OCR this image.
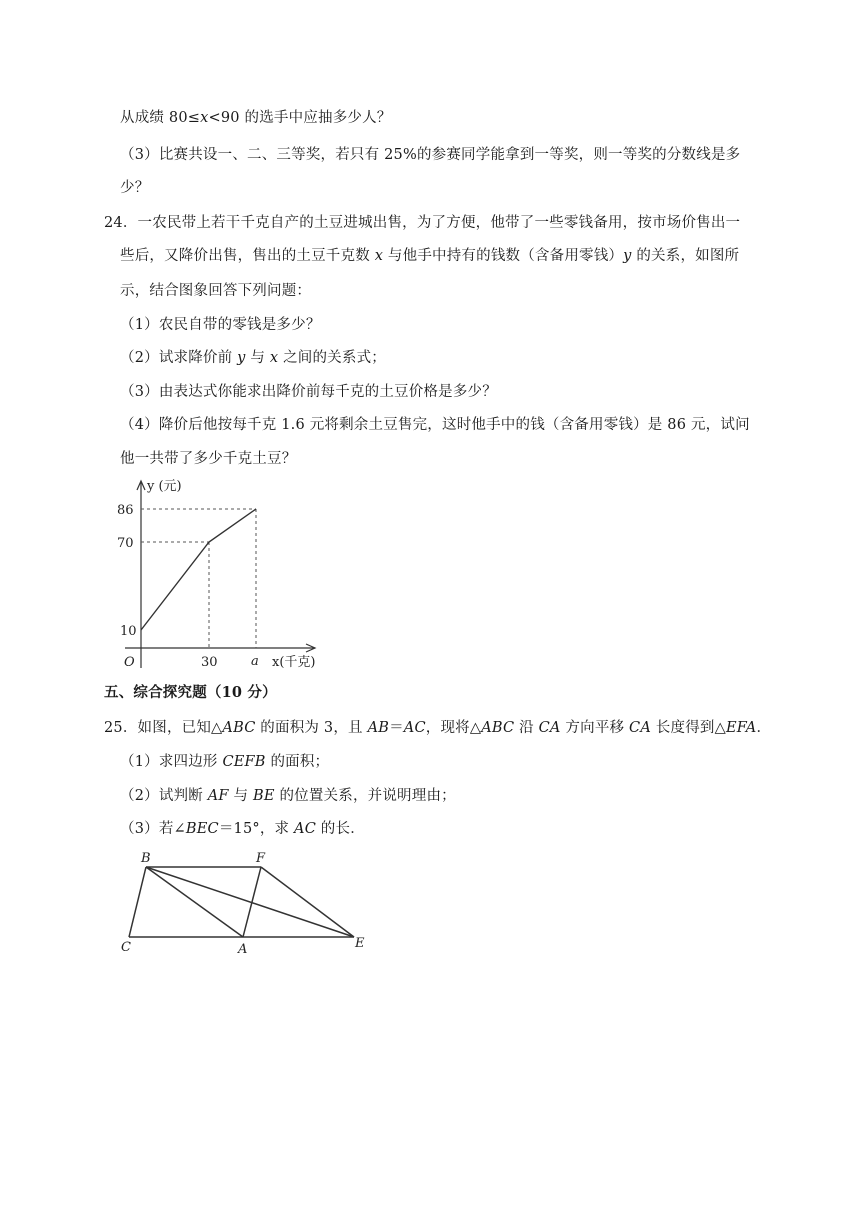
从成绩 80≤x<90 的选手中应抽多少人？
（3）比赛共设一、二、三等奖，若只有 25%的参赛同学能拿到一等奖，则一等奖的分数线是多
少？
24．一农民带上若干千克自产的土豆进城出售，为了方便，他带了一些零钱备用，按市场价售出一
些后，又降价出售，售出的土豆千克数 x 与他手中持有的钱数（含备用零钱）y 的关系，如图所
示，结合图象回答下列问题：
（1）农民自带的零钱是多少？
（2）试求降价前 y 与 x 之间的关系式；
（3）由表达式你能求出降价前每千克的土豆价格是多少？
（4）降价后他按每千克 1.6 元将剩余土豆售完，这时他手中的钱（含备用零钱）是 86 元，试问
他一共带了多少千克土豆？
y (元)
86
70
10
O	30	a x(千克)
五、综合探究题（10 分）
25．如图，已知△ABC 的面积为 3，且 AB＝AC，现将△ABC 沿 CA 方向平移 CA 长度得到△EFA．
（1）求四边形 CEFB 的面积；
（2）试判断 AF 与 BE 的位置关系，并说明理由；
（3）若∠BEC＝15°，求 AC 的长．
B	F
C	A	E
